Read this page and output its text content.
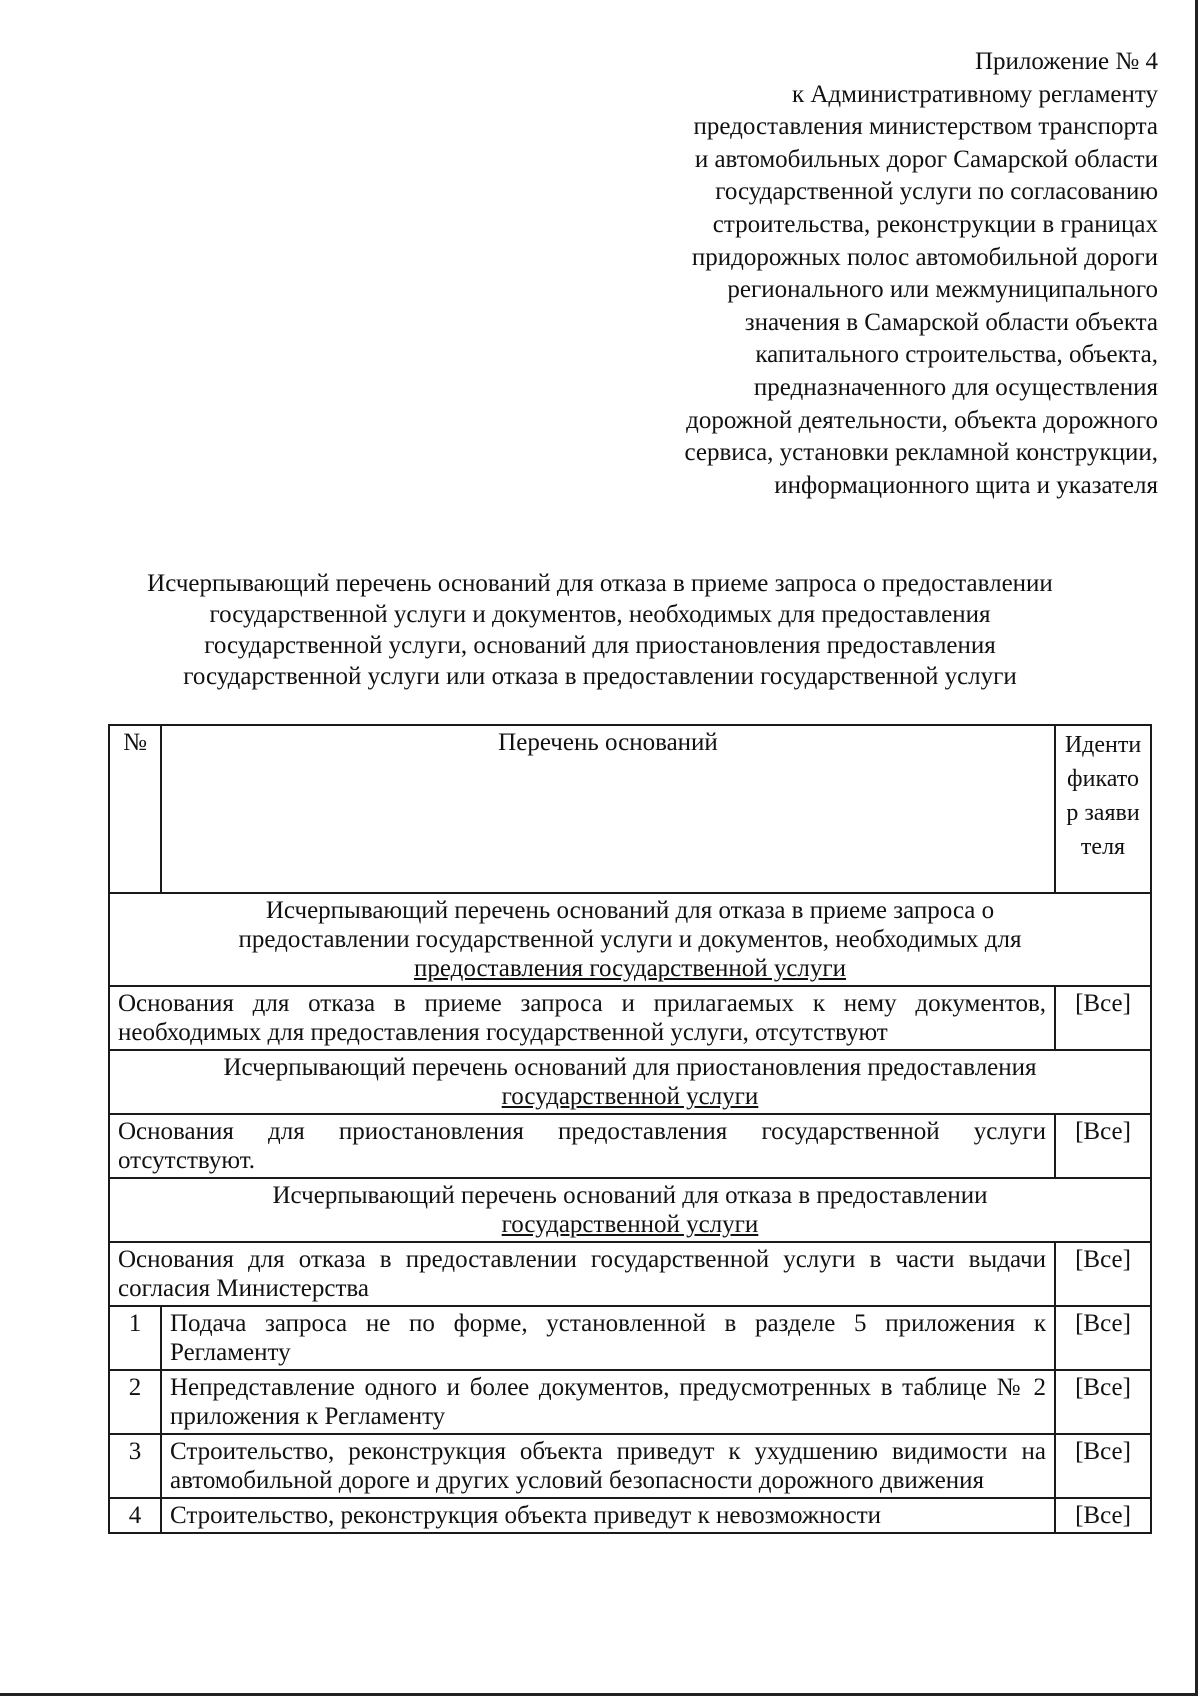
Приложение № 4
к Административному регламенту
предоставления министерством транспорта
и автомобильных дорог Самарской области
государственной услуги по согласованию
строительства, реконструкции в границах
придорожных полос автомобильной дороги
регионального или межмуниципального
значения в Самарской области объекта
капитального строительства, объекта,
предназначенного для осуществления
дорожной деятельности, объекта дорожного
сервиса, установки рекламной конструкции,
информационного щита и указателя
Исчерпывающий перечень оснований для отказа в приеме запроса о предоставлении
государственной услуги и документов, необходимых для предоставления
государственной услуги, оснований для приостановления предоставления
государственной услуги или отказа в предоставлении государственной услуги
№	Перечень оснований	Идентификатор заявителя

Исчерпывающий перечень оснований для отказа в приеме запроса о
предоставлении государственной услуги и документов, необходимых для
предоставления государственной услуги		

Основания для отказа в приеме запроса и прилагаемых к нему документов, необходимых для предоставления государственной услуги, отсутствуют		[Все]

Исчерпывающий перечень оснований для приостановления предоставления
государственной услуги		

Основания для приостановления предоставления государственной услуги отсутствуют.		[Все]

Исчерпывающий перечень оснований для отказа в предоставлении
государственной услуги		

Основания для отказа в предоставлении государственной услуги в части выдачи согласия Министерства		[Все]
1	Подача запроса не по форме, установленной в разделе 5 приложения к Регламенту	[Все]
2	Непредставление одного и более документов, предусмотренных в таблице № 2 приложения к Регламенту	[Все]
3	Строительство, реконструкция объекта приведут к ухудшению видимости на автомобильной дороге и других условий безопасности дорожного движения	[Все]
4	Строительство, реконструкция объекта приведут к невозможности	[Все]
